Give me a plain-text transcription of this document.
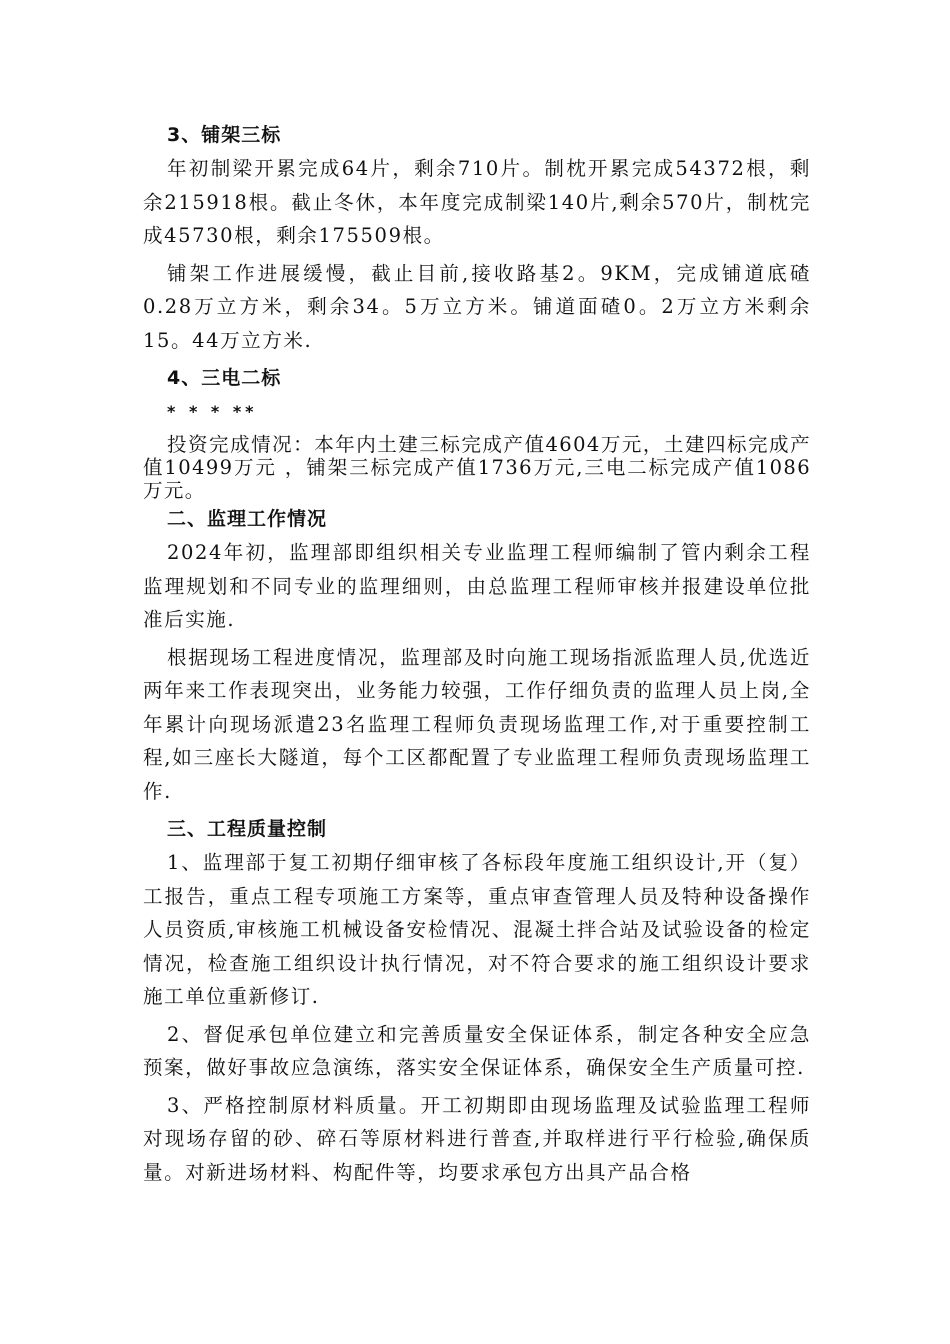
3、铺架三标

年初制梁开累完成64片，剩余710片。制枕开累完成54372根，剩余215918根。截止冬休，本年度完成制梁140片,剩余570片，制枕完成45730根，剩余175509根。

铺架工作进展缓慢，截止目前,接收路基2。9KM，完成铺道底碴0.28万立方米，剩余34。5万立方米。铺道面碴0。2万立方米剩余15。44万立方米.

4、三电二标
* * * **

投资完成情况：本年内土建三标完成产值4604万元，土建四标完成产值10499万元 ，铺架三标完成产值1736万元,三电二标完成产值1086万元。

二、监理工作情况

2024年初，监理部即组织相关专业监理工程师编制了管内剩余工程监理规划和不同专业的监理细则，由总监理工程师审核并报建设单位批准后实施.

根据现场工程进度情况，监理部及时向施工现场指派监理人员,优选近两年来工作表现突出，业务能力较强，工作仔细负责的监理人员上岗,全年累计向现场派遣23名监理工程师负责现场监理工作,对于重要控制工程,如三座长大隧道，每个工区都配置了专业监理工程师负责现场监理工作.

三、工程质量控制

1、监理部于复工初期仔细审核了各标段年度施工组织设计,开（复）工报告，重点工程专项施工方案等，重点审查管理人员及特种设备操作人员资质,审核施工机械设备安检情况、混凝土拌合站及试验设备的检定情况，检查施工组织设计执行情况，对不符合要求的施工组织设计要求施工单位重新修订.

2、督促承包单位建立和完善质量安全保证体系，制定各种安全应急预案，做好事故应急演练，落实安全保证体系，确保安全生产质量可控.

3、严格控制原材料质量。开工初期即由现场监理及试验监理工程师对现场存留的砂、碎石等原材料进行普查,并取样进行平行检验,确保质量。对新进场材料、构配件等，均要求承包方出具产品合格
